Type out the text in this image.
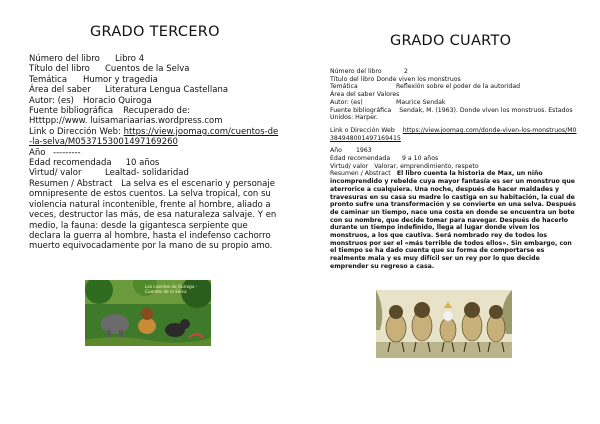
GRADO TERCERO
Número del libro Libro 4
Título del libro Cuentos de la Selva
Temática Humor y tragedia
Área del saber Literatura Lengua Castellana
Autor: (es) Horacio Quiroga
Fuente bibliográfica Recuperado de:
Htttpp://www. luisamariaarias.wordpress.com
Link o Dirección Web: https://view.joomag.com/cuentos-de-la-selva/M0537153001497169260
Año ---------
Edad recomendada 10 años
Virtud/ valor	Lealtad- solidaridad
Resumen / Abstract La selva es el escenario y personaje omnipresente de estos cuentos. La selva tropical, con su violencia natural incontenible, frente al hombre, aliado a veces, destructor las más, de esa naturaleza salvaje. Y en medio, la fauna: desde la gigantesca serpiente que declara la guerra al hombre, hasta el indefenso cachorro muerto equivocadamente por la mano de su propio amo.
Los cuentos de Quiroga · Cuentos de la Selva
GRADO CUARTO
Número del libro	2
Título del libro Donde viven los monstruos
Temática	Reflexión sobre el poder de la autoridad
Área del saber Valores
Autor: (es)	Maurice Sendak
Fuente bibliográfica Sendak, M. (1963). Donde viven los monstruos. Estados Unidos: Harper.
Link o Dirección Web https://view.joomag.com/donde-viven-los-monstruos/M0384948001497169415
Año 1963
Edad recomendada 9 a 10 años
Virtud/ valor Valorar, emprendimiento, respeto
Resumen / Abstract El libro cuenta la historia de Max, un niño incomprendido y rebelde cuya mayor fantasía es ser un monstruo que aterrorice a cualquiera. Una noche, después de hacer maldades y travesuras en su casa su madre lo castiga en su habitación, la cual de pronto sufre una transformación y se convierte en una selva. Después de caminar un tiempo, nace una costa en donde se encuentra un bote con su nombre, que decide tomar para navegar. Después de hacerlo durante un tiempo indefinido, llega al lugar donde viven los monstruos, a los que cautiva. Será nombrado rey de todos los monstruos por ser el «más terrible de todos ellos». Sin embargo, con el tiempo se ha dado cuenta que su forma de comportarse es realmente mala y es muy difícil ser un rey por lo que decide emprender su regreso a casa.
